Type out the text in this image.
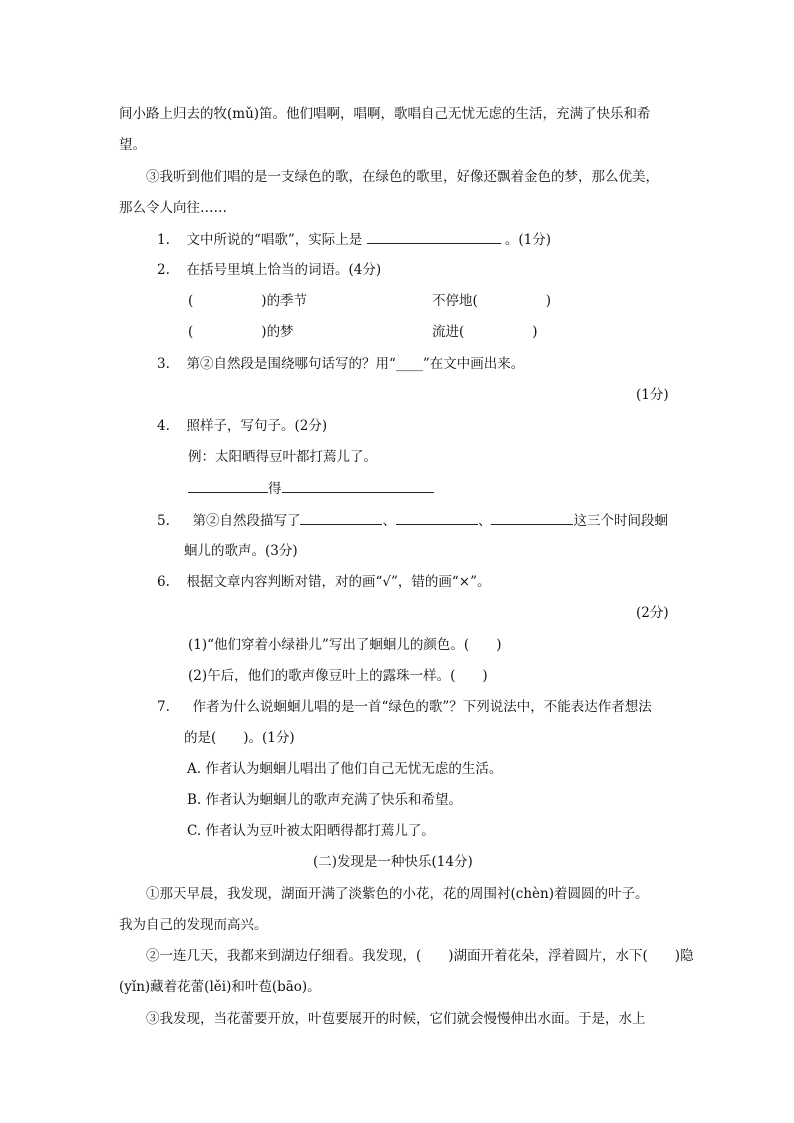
间小路上归去的牧(mǔ)笛。他们唱啊，唱啊，歌唱自己无忧无虑的生活，充满了快乐和希
望。
③我听到他们唱的是一支绿色的歌，在绿色的歌里，好像还飘着金色的梦，那么优美，
那么令人向往……
1. 文中所说的“唱歌”，实际上是	。(1分)
2. 在括号里填上恰当的词语。(4分)
(	)的季节	不停地(	)
(	)的梦	流进(	)
3. 第②自然段是围绕哪句话写的？用“____”在文中画出来。
(1分)
4. 照样子，写句子。(2分)
例：太阳晒得豆叶都打蔫儿了。
得
5. 第②自然段描写了	、	、	这三个时间段蛔
蛔儿的歌声。(3分)
6. 根据文章内容判断对错，对的画“√”，错的画“×”。
(2分)
(1)“他们穿着小绿褂儿”写出了蛔蛔儿的颜色。(　　)
(2)午后，他们的歌声像豆叶上的露珠一样。(　　)
7. 作者为什么说蛔蛔儿唱的是一首“绿色的歌”？下列说法中，不能表达作者想法
的是(　　)。(1分)
A. 作者认为蛔蛔儿唱出了他们自己无忧无虑的生活。
B. 作者认为蛔蛔儿的歌声充满了快乐和希望。
C. 作者认为豆叶被太阳晒得都打蔫儿了。
(二)发现是一种快乐(14分)
①那天早晨，我发现，湖面开满了淡紫色的小花，花的周围衬(chèn)着圆圆的叶子。
我为自己的发现而高兴。
②一连几天，我都来到湖边仔细看。我发现，(　　)湖面开着花朵，浮着圆片，水下(　　)隐
(yǐn)藏着花蕾(lěi)和叶苞(bāo)。
③我发现，当花蕾要开放，叶苞要展开的时候，它们就会慢慢伸出水面。于是，水上
